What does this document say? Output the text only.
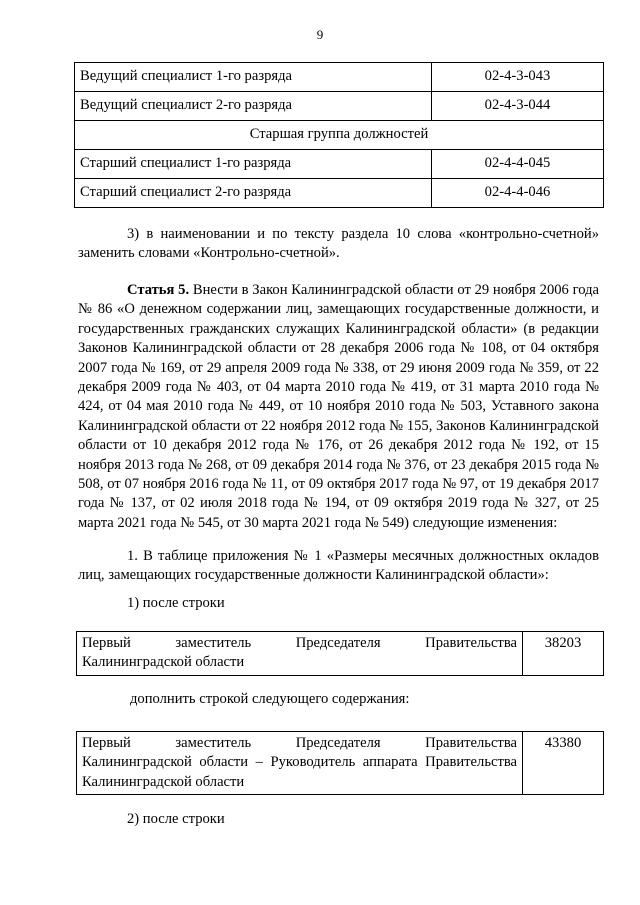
9
Ведущий специалист 1-го разряда	02-4-3-043
Ведущий специалист 2-го разряда	02-4-3-044
Старшая группа должностей	
Старший специалист 1-го разряда	02-4-4-045
Старший специалист 2-го разряда	02-4-4-046
3) в наименовании и по тексту раздела 10 слова «контрольно-счетной» заменить словами «Контрольно-счетной».
Статья 5. Внести в Закон Калининградской области от 29 ноября 2006 года № 86 «О денежном содержании лиц, замещающих государственные должности, и государственных гражданских служащих Калининградской области» (в редакции Законов Калининградской области от 28 декабря 2006 года № 108, от 04 октября 2007 года № 169, от 29 апреля 2009 года № 338, от 29 июня 2009 года № 359, от 22 декабря 2009 года № 403, от 04 марта 2010 года № 419, от 31 марта 2010 года № 424, от 04 мая 2010 года № 449, от 10 ноября 2010 года № 503, Уставного закона Калининградской области от 22 ноября 2012 года № 155, Законов Калининградской области от 10 декабря 2012 года № 176, от 26 декабря 2012 года № 192, от 15 ноября 2013 года № 268, от 09 декабря 2014 года № 376, от 23 декабря 2015 года № 508, от 07 ноября 2016 года № 11, от 09 октября 2017 года № 97, от 19 декабря 2017 года № 137, от 02 июля 2018 года № 194, от 09 октября 2019 года № 327, от 25 марта 2021 года № 545, от 30 марта 2021 года № 549) следующие изменения:
1. В таблице приложения № 1 «Размеры месячных должностных окладов лиц, замещающих государственные должности Калининградской области»:
1) после строки
Первый заместитель Председателя Правительства
Калининградской области	38203
дополнить строкой следующего содержания:
Первый заместитель Председателя Правительства
Калининградской области – Руководитель аппарата Правительства Калининградской области	43380
2) после строки
